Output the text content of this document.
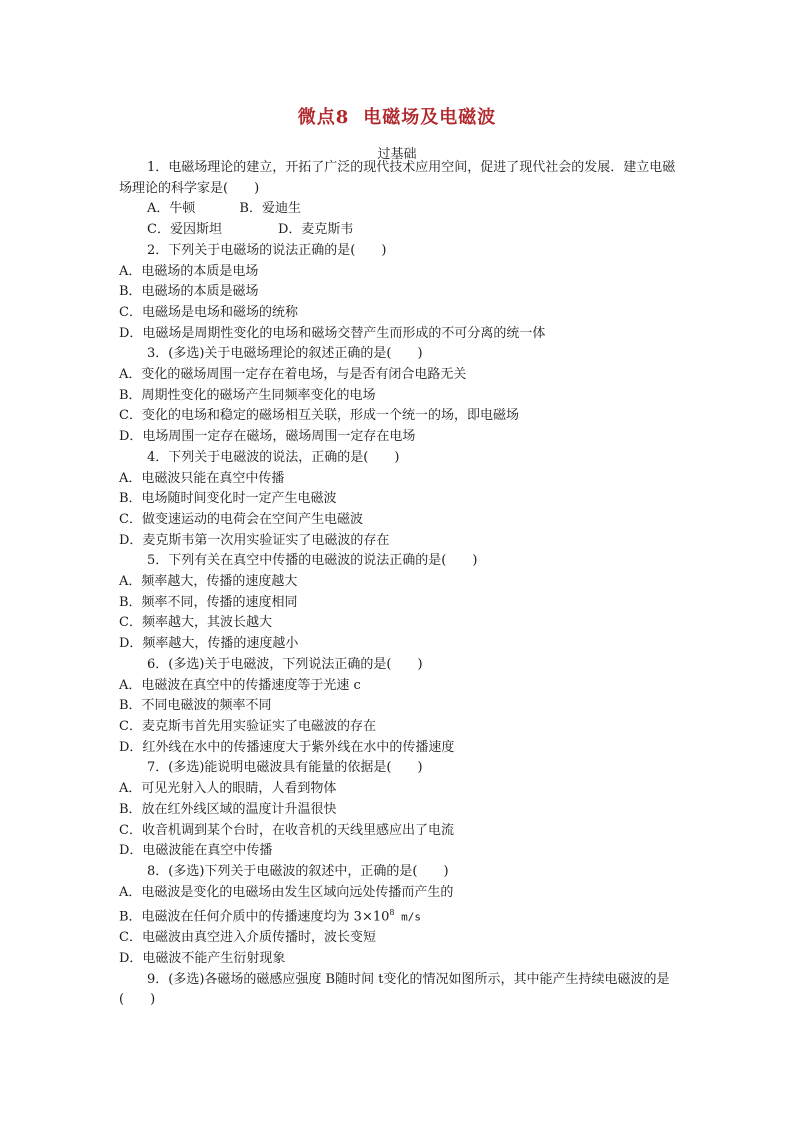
微点8 电磁场及电磁波
过基础
1．电磁场理论的建立，开拓了广泛的现代技术应用空间，促进了现代社会的发展．建立电磁场理论的科学家是(　　)
A．牛顿	B．爱迪生
C．爱因斯坦	D．麦克斯韦
2．下列关于电磁场的说法正确的是(　　)
A．电磁场的本质是电场
B．电磁场的本质是磁场
C．电磁场是电场和磁场的统称
D．电磁场是周期性变化的电场和磁场交替产生而形成的不可分离的统一体
3．(多选)关于电磁场理论的叙述正确的是(　　)
A．变化的磁场周围一定存在着电场，与是否有闭合电路无关
B．周期性变化的磁场产生同频率变化的电场
C．变化的电场和稳定的磁场相互关联，形成一个统一的场，即电磁场
D．电场周围一定存在磁场，磁场周围一定存在电场
4．下列关于电磁波的说法，正确的是(　　)
A．电磁波只能在真空中传播
B．电场随时间变化时一定产生电磁波
C．做变速运动的电荷会在空间产生电磁波
D．麦克斯韦第一次用实验证实了电磁波的存在
5．下列有关在真空中传播的电磁波的说法正确的是(　　)
A．频率越大，传播的速度越大
B．频率不同，传播的速度相同
C．频率越大，其波长越大
D．频率越大，传播的速度越小
6．(多选)关于电磁波，下列说法正确的是(　　)
A．电磁波在真空中的传播速度等于光速 c
B．不同电磁波的频率不同
C．麦克斯韦首先用实验证实了电磁波的存在
D．红外线在水中的传播速度大于紫外线在水中的传播速度
7．(多选)能说明电磁波具有能量的依据是(　　)
A．可见光射入人的眼睛，人看到物体
B．放在红外线区域的温度计升温很快
C．收音机调到某个台时，在收音机的天线里感应出了电流
D．电磁波能在真空中传播
8．(多选)下列关于电磁波的叙述中，正确的是(　　)
A．电磁波是变化的电磁场由发生区域向远处传播而产生的
B．电磁波在任何介质中的传播速度均为 $3\times 10^8$ m/s
C．电磁波由真空进入介质传播时，波长变短
D．电磁波不能产生衍射现象
9．(多选)各磁场的磁感应强度 B随时间 t变化的情况如图所示，其中能产生持续电磁波的是(　　)
